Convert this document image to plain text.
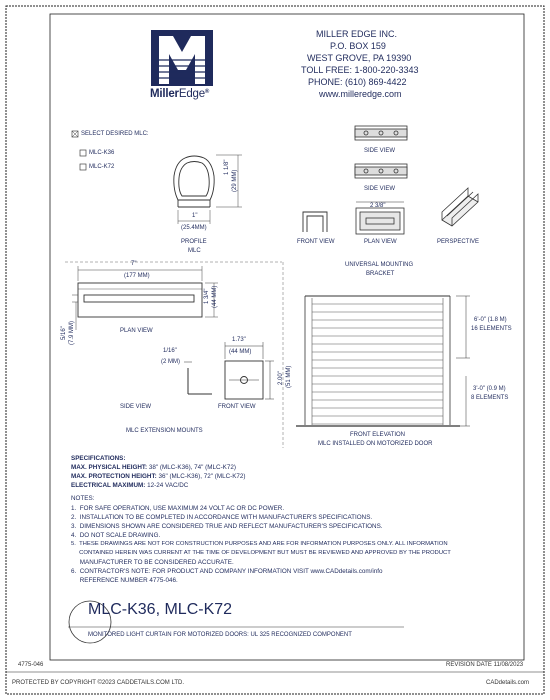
MillerEdge®
MILLER EDGE INC.
P.O. BOX 159
WEST GROVE, PA 19390
TOLL FREE: 1-800-220-3343
PHONE: (610) 869-4422
www.milleredge.com
SELECT DESIRED MLC:
MLC-K36
MLC-K72	1 1/8"
(29 MM)
1"
(25.4MM)
PROFILE
MLC
SIDE VIEW
SIDE VIEW
2 3/8"
FRONT VIEW	PLAN VIEW	PERSPECTIVE
UNIVERSAL MOUNTING
BRACKET
7"
(177 MM)
1 3/4" (44 MM)
5/16" (7.9 MM)	PLAN VIEW
1/16"
(2 MM)
1.73"
(44 MM)
2.00" (51 MM)
SIDE VIEW	FRONT VIEW
MLC EXTENSION MOUNTS
6'-0" (1.8 M)
16 ELEMENTS
3'-0" (0.9 M)
8 ELEMENTS
FRONT ELEVATION
MLC INSTALLED ON MOTORIZED DOOR
SPECIFICATIONS:
MAX. PHYSICAL HEIGHT: 38" (MLC-K36), 74" (MLC-K72)
MAX. PROTECTION HEIGHT: 36" (MLC-K36), 72" (MLC-K72)
ELECTRICAL MAXIMUM: 12-24 VAC/DC
NOTES:
1.  FOR SAFE OPERATION, USE MAXIMUM 24 VOLT AC OR DC POWER.
2.  INSTALLATION TO BE COMPLETED IN ACCORDANCE WITH MANUFACTURER'S SPECIFICATIONS.
3.  DIMENSIONS SHOWN ARE CONSIDERED TRUE AND REFLECT MANUFACTURER'S SPECIFICATIONS.
4.  DO NOT SCALE DRAWING.
5.  THESE DRAWINGS ARE NOT FOR CONSTRUCTION PURPOSES AND ARE FOR INFORMATION PURPOSES ONLY. ALL INFORMATION
CONTAINED HEREIN WAS CURRENT AT THE TIME OF DEVELOPMENT BUT MUST BE REVIEWED AND APPROVED BY THE PRODUCT
MANUFACTURER TO BE CONSIDERED ACCURATE.
6.  CONTRACTOR'S NOTE: FOR PRODUCT AND COMPANY INFORMATION VISIT www.CADdetails.com/info
REFERENCE NUMBER 4775-046.
MLC-K36, MLC-K72
MONITORED LIGHT CURTAIN FOR MOTORIZED DOORS: UL 325 RECOGNIZED COMPONENT
4775-046	REVISION DATE 11/08/2023
PROTECTED BY COPYRIGHT ©2023 CADDETAILS.COM LTD.	CADdetails.com
